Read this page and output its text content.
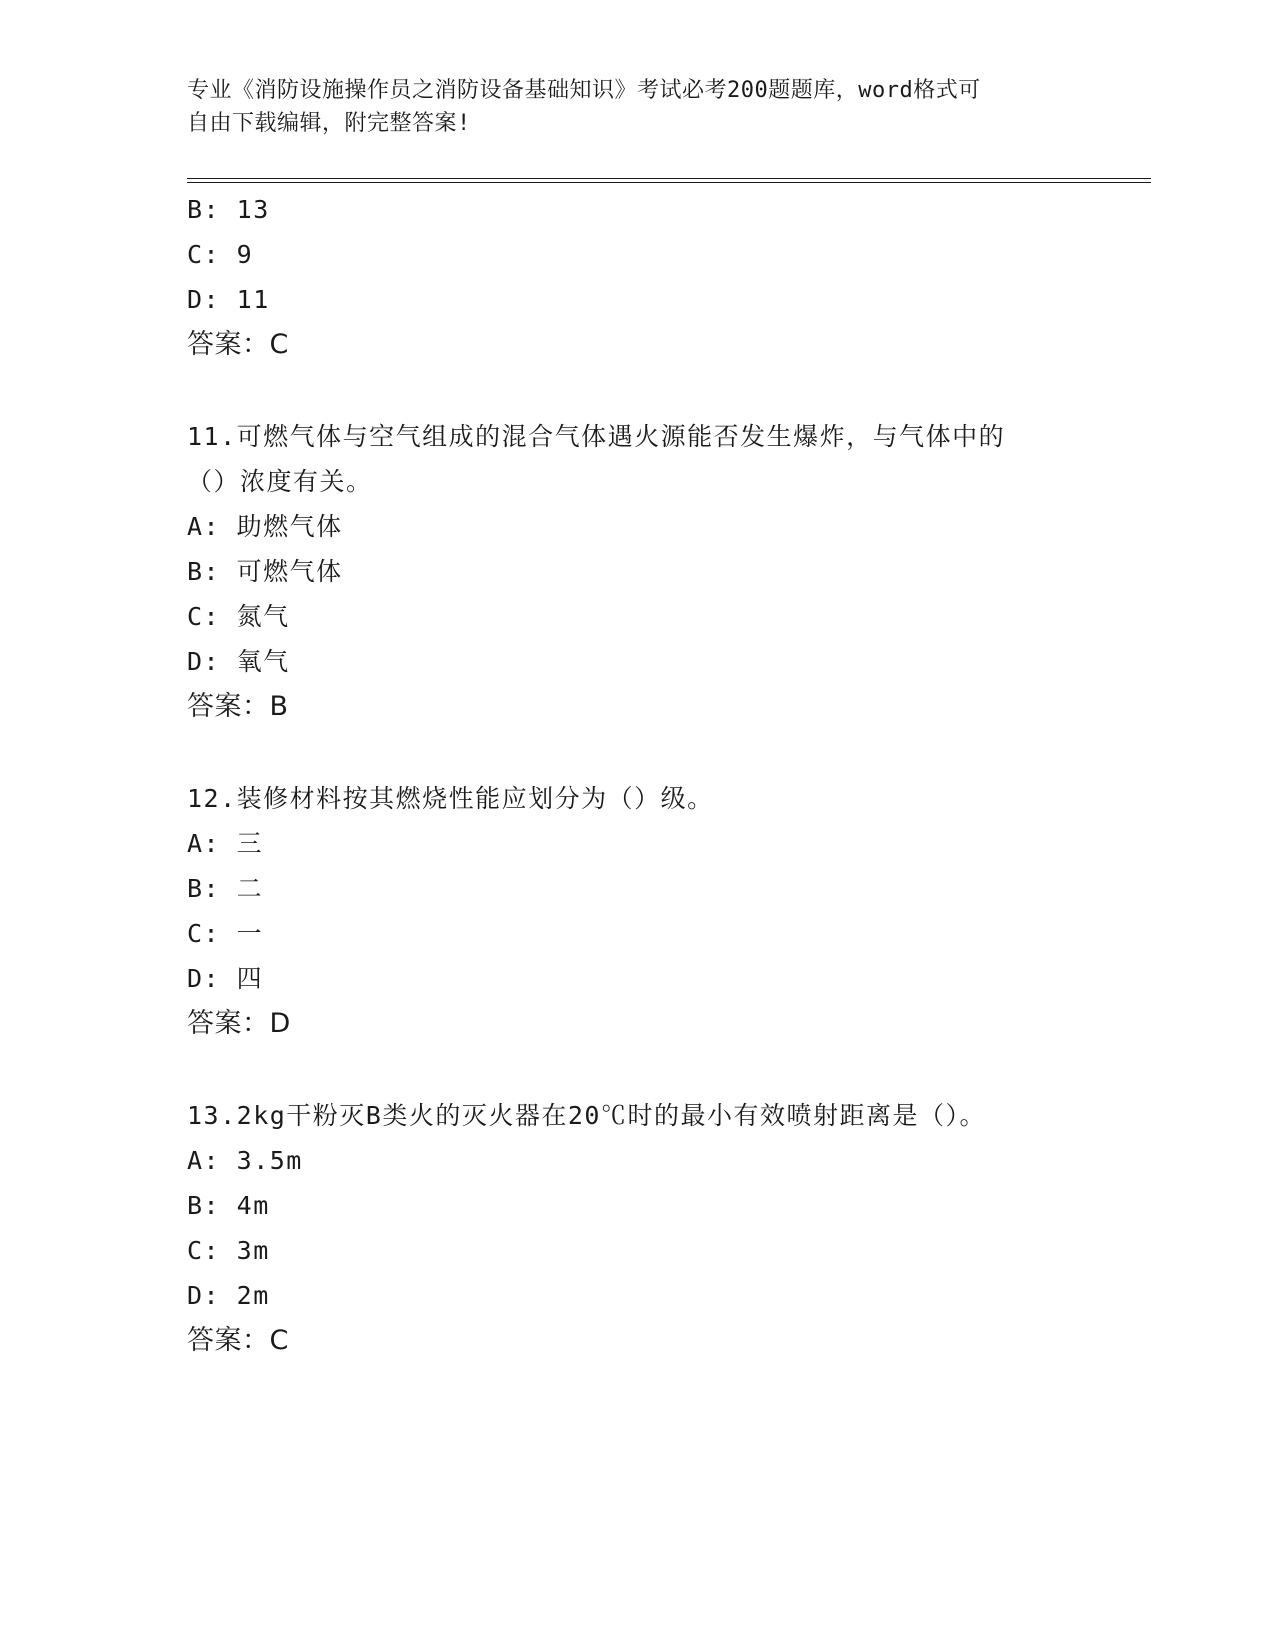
专业《消防设施操作员之消防设备基础知识》考试必考200题题库，word格式可
自由下载编辑，附完整答案!
B: 13
C: 9
D: 11
答案：C
11.可燃气体与空气组成的混合气体遇火源能否发生爆炸，与气体中的
（）浓度有关。
A: 助燃气体
B: 可燃气体
C: 氮气
D: 氧气
答案：B
12.装修材料按其燃烧性能应划分为（）级。
A: 三
B: 二
C: 一
D: 四
答案：D
13.2kg干粉灭B类火的灭火器在20℃时的最小有效喷射距离是（）。
A: 3.5m
B: 4m
C: 3m
D: 2m
答案：C
